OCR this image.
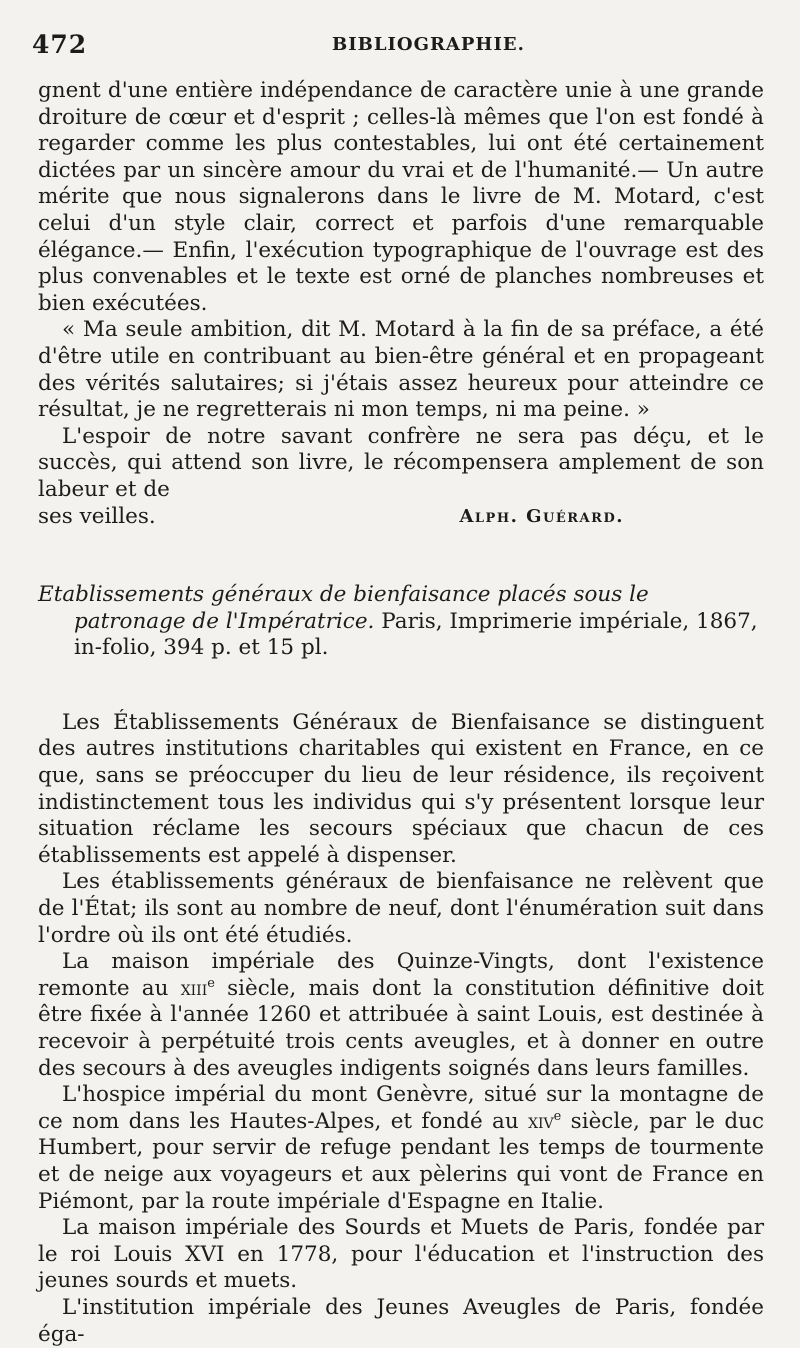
472	BIBLIOGRAPHIE.

gnent d'une entière indépendance de caractère unie à une grande droiture de cœur et d'esprit ; celles-là mêmes que l'on est fondé à regarder comme les plus contestables, lui ont été certainement dictées par un sincère amour du vrai et de l'humanité.— Un autre mérite que nous signalerons dans le livre de M. Motard, c'est celui d'un style clair, correct et parfois d'une remarquable élégance.— Enfin, l'exécution typographique de l'ouvrage est des plus convenables et le texte est orné de planches nombreuses et bien exécutées.

« Ma seule ambition, dit M. Motard à la fin de sa préface, a été d'être utile en contribuant au bien-être général et en propageant des vérités salutaires; si j'étais assez heureux pour atteindre ce résultat, je ne regretterais ni mon temps, ni ma peine. »

L'espoir de notre savant confrère ne sera pas déçu, et le succès, qui attend son livre, le récompensera amplement de son labeur et de

ses veilles.	Alph. Guérard.

Etablissements généraux de bienfaisance placés sous le patronage de l'Impératrice. Paris, Imprimerie impériale, 1867, in-folio, 394 p. et 15 pl.

Les Établissements Généraux de Bienfaisance se distinguent des autres institutions charitables qui existent en France, en ce que, sans se préoccuper du lieu de leur résidence, ils reçoivent indistinctement tous les individus qui s'y présentent lorsque leur situation réclame les secours spéciaux que chacun de ces établissements est appelé à dispenser.

Les établissements généraux de bienfaisance ne relèvent que de l'État; ils sont au nombre de neuf, dont l'énumération suit dans l'ordre où ils ont été étudiés.

La maison impériale des Quinze-Vingts, dont l'existence remonte au xiii$^e$ siècle, mais dont la constitution définitive doit être fixée à l'année 1260 et attribuée à saint Louis, est destinée à recevoir à perpétuité trois cents aveugles, et à donner en outre des secours à des aveugles indigents soignés dans leurs familles.

L'hospice impérial du mont Genèvre, situé sur la montagne de ce nom dans les Hautes-Alpes, et fondé au xiv$^e$ siècle, par le duc Humbert, pour servir de refuge pendant les temps de tourmente et de neige aux voyageurs et aux pèlerins qui vont de France en Piémont, par la route impériale d'Espagne en Italie.

La maison impériale des Sourds et Muets de Paris, fondée par le roi Louis XVI en 1778, pour l'éducation et l'instruction des jeunes sourds et muets.

L'institution impériale des Jeunes Aveugles de Paris, fondée éga-
